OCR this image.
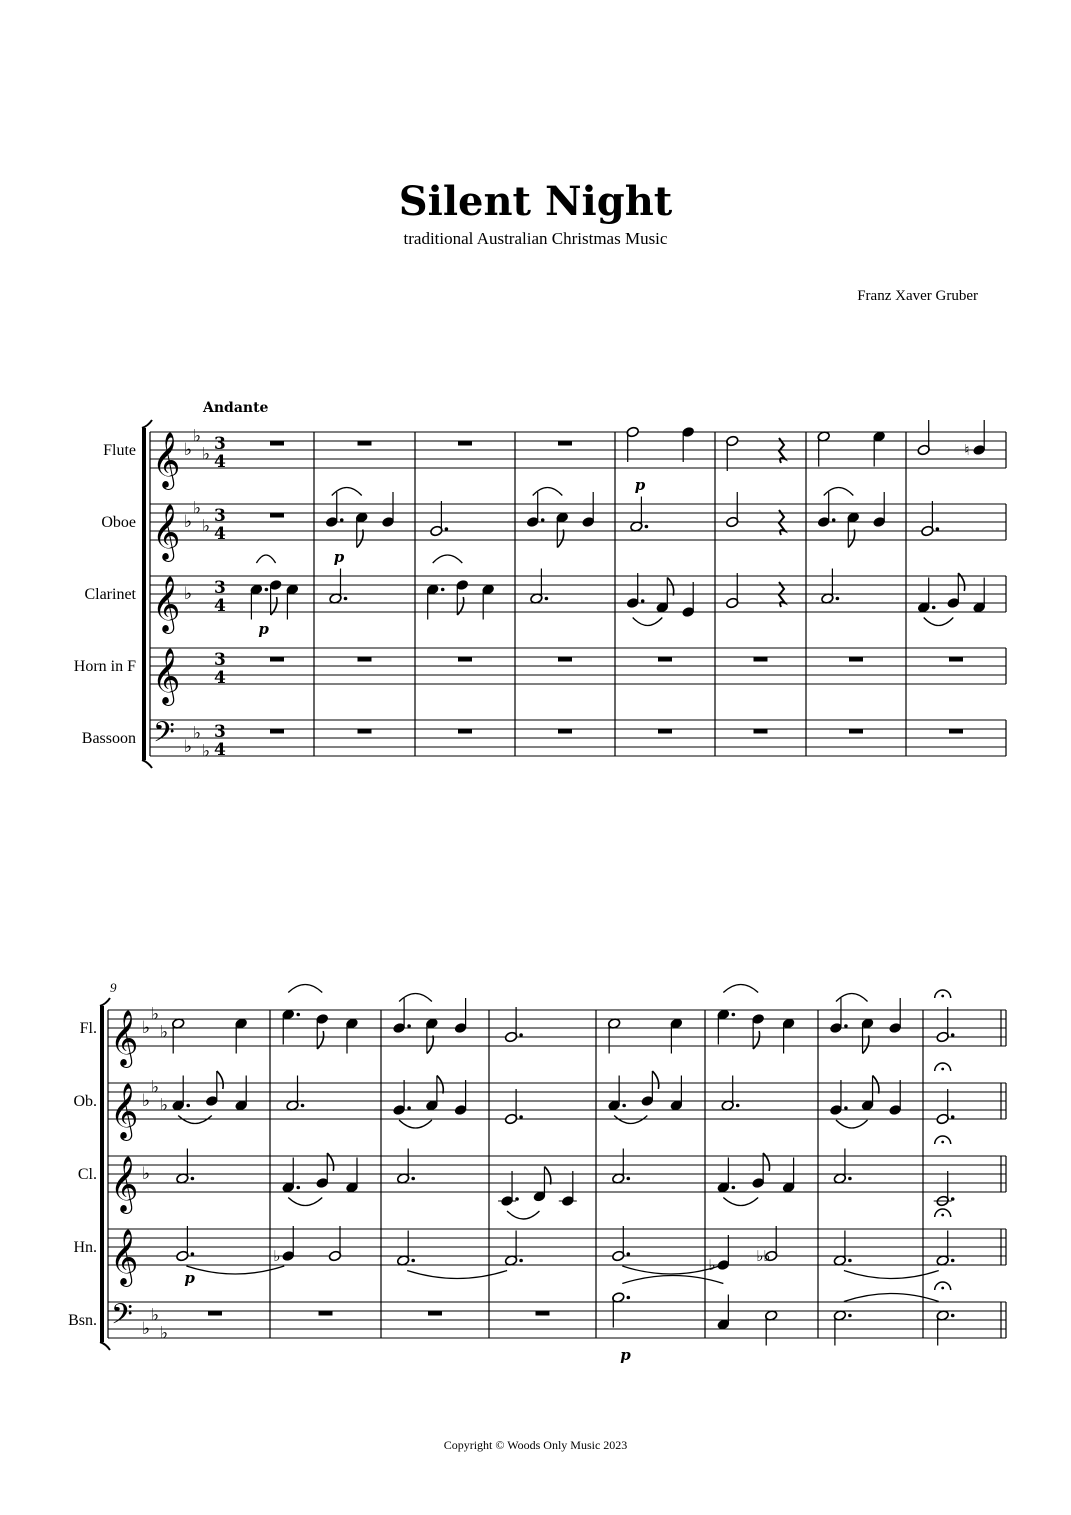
Silent Night
traditional Australian Christmas Music
Franz Xaver Gruber
Andante
9
Flute 𝄞 ♭
♭
♭
3
4
Oboe 𝄞 ♭
♭
♭
3
4
Clarinet 𝄞 ♭ 3
4
Horn in F 𝄞 3
4
Bassoon 𝄢 ♭
♭
♭
3
4
Fl. 𝄞 ♭
♭
♭
Ob. 𝄞 ♭
♭
♭
Cl. 𝄞 ♭
Hn. 𝄞
Bsn. 𝄢 ♭
♭
♭
♮
♭	♭	♭♭
p
p
p
p
p
Copyright © Woods Only Music 2023
